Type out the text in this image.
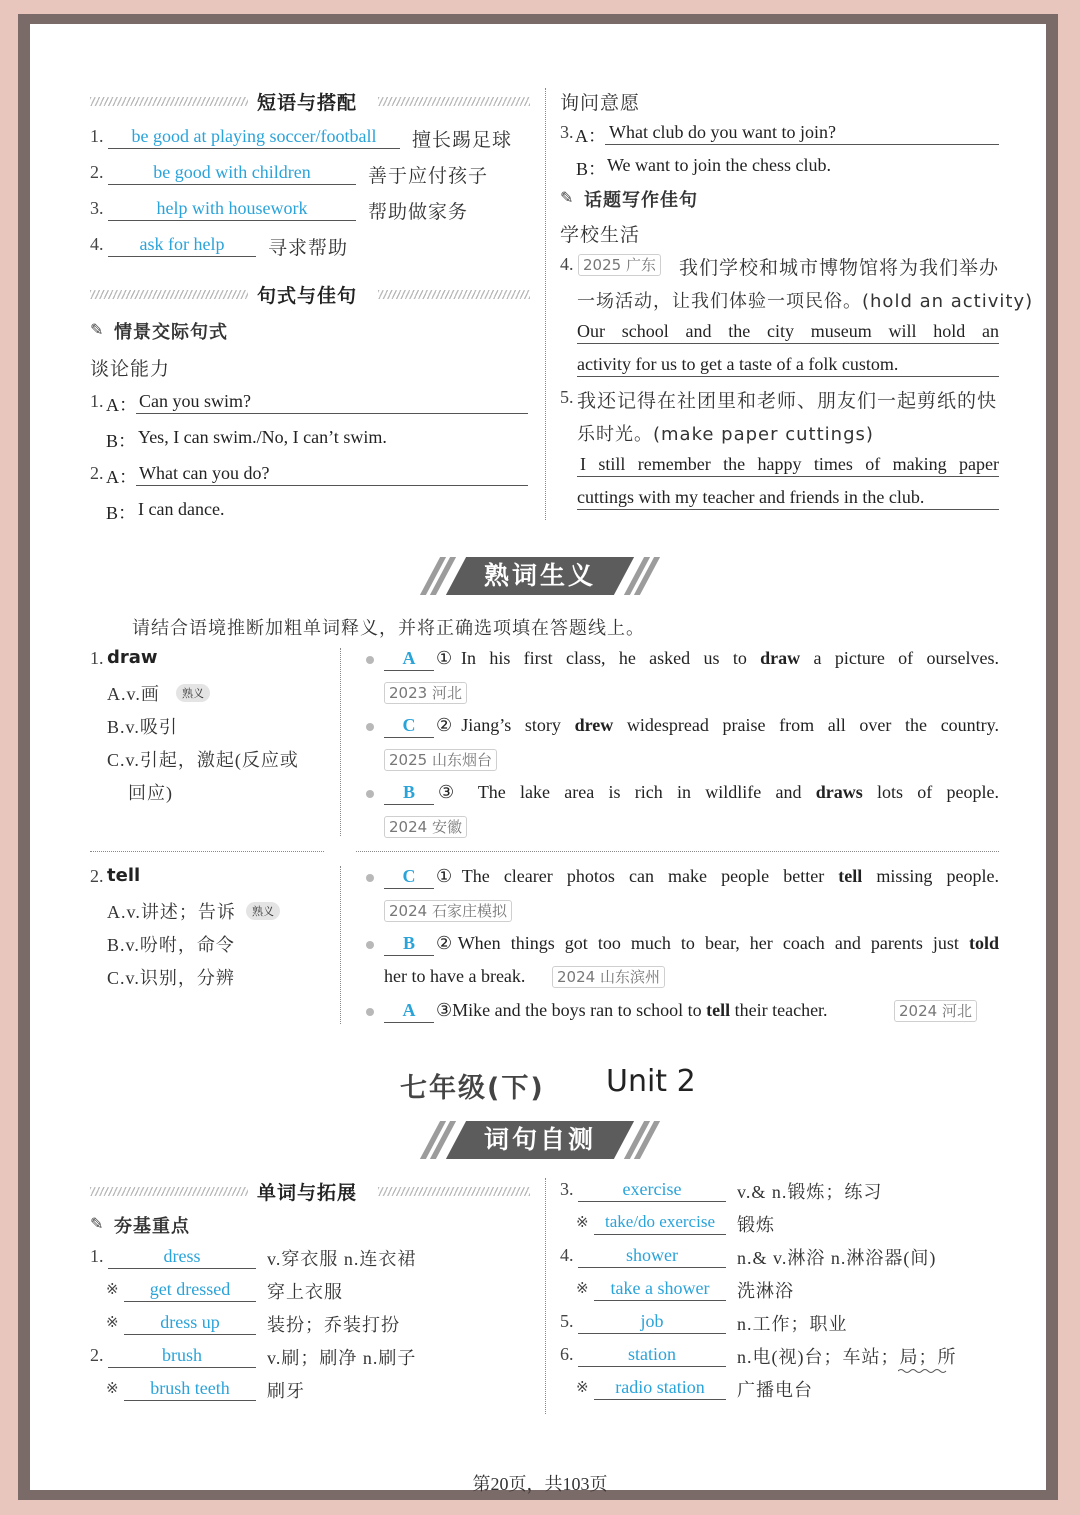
短语与搭配
1.	be good at playing soccer/football	擅长踢足球
2.	be good with children	善于应付孩子
3.	help with housework	帮助做家务
4.	ask for help	寻求帮助
句式与佳句
✎ 情景交际句式
谈论能力
1. A： Can you swim?
B： Yes, I can swim./No, I can’t swim.
2. A： What can you do?
B： I can dance.
询问意愿
3. A： What club do you want to join?
B： We want to join the chess club.
✎ 话题写作佳句
学校生活
4. 2025 广东 我们学校和城市博物馆将为我们举办
一场活动，让我们体验一项民俗。(hold an activity)
Our school and the city museum will hold an
activity for us to get a taste of a folk custom.
5. 我还记得在社团里和老师、朋友们一起剪纸的快
乐时光。(make paper cuttings)
I still remember the happy times of making paper
cuttings with my teacher and friends in the club.
熟词生义
请结合语境推断加粗单词释义，并将正确选项填在答题线上。
1. draw
A.v.画	熟义
B.v.吸引
C.v.引起，激起(反应或
回应)
A	①In his first class, he asked us to draw a picture of ourselves.
2023 河北
C	②Jiang’s story drew widespread praise from all over the country.
2025 山东烟台
B	③ The lake area is rich in wildlife and draws lots of people.
2024 安徽
2. tell
A.v.讲述；告诉	熟义
B.v.吩咐，命令
C.v.识别，分辨
C	①The clearer photos can make people better tell missing people.
2024 石家庄模拟
B	②When things got too much to bear, her coach and parents just told
her to have a break.	2024 山东滨州
A	③Mike and the boys ran to school to tell their teacher.	2024 河北
七年级(下) Unit 2
词句自测
单词与拓展
✎ 夯基重点
1.	dress	v.穿衣服 n.连衣裙
※	get dressed	穿上衣服
※	dress up	装扮；乔装打扮
2.	brush	v.刷；刷净 n.刷子
※	brush teeth	刷牙
3.	exercise	v.& n.锻炼；练习
※ take/do exercise	锻炼
4.	shower	n.& v.淋浴 n.淋浴器(间)
※	take a shower	洗淋浴
5.	job	n.工作；职业
6.	station	n.电(视)台；车站；局；所
※	radio station	广播电台
第20页，共103页
